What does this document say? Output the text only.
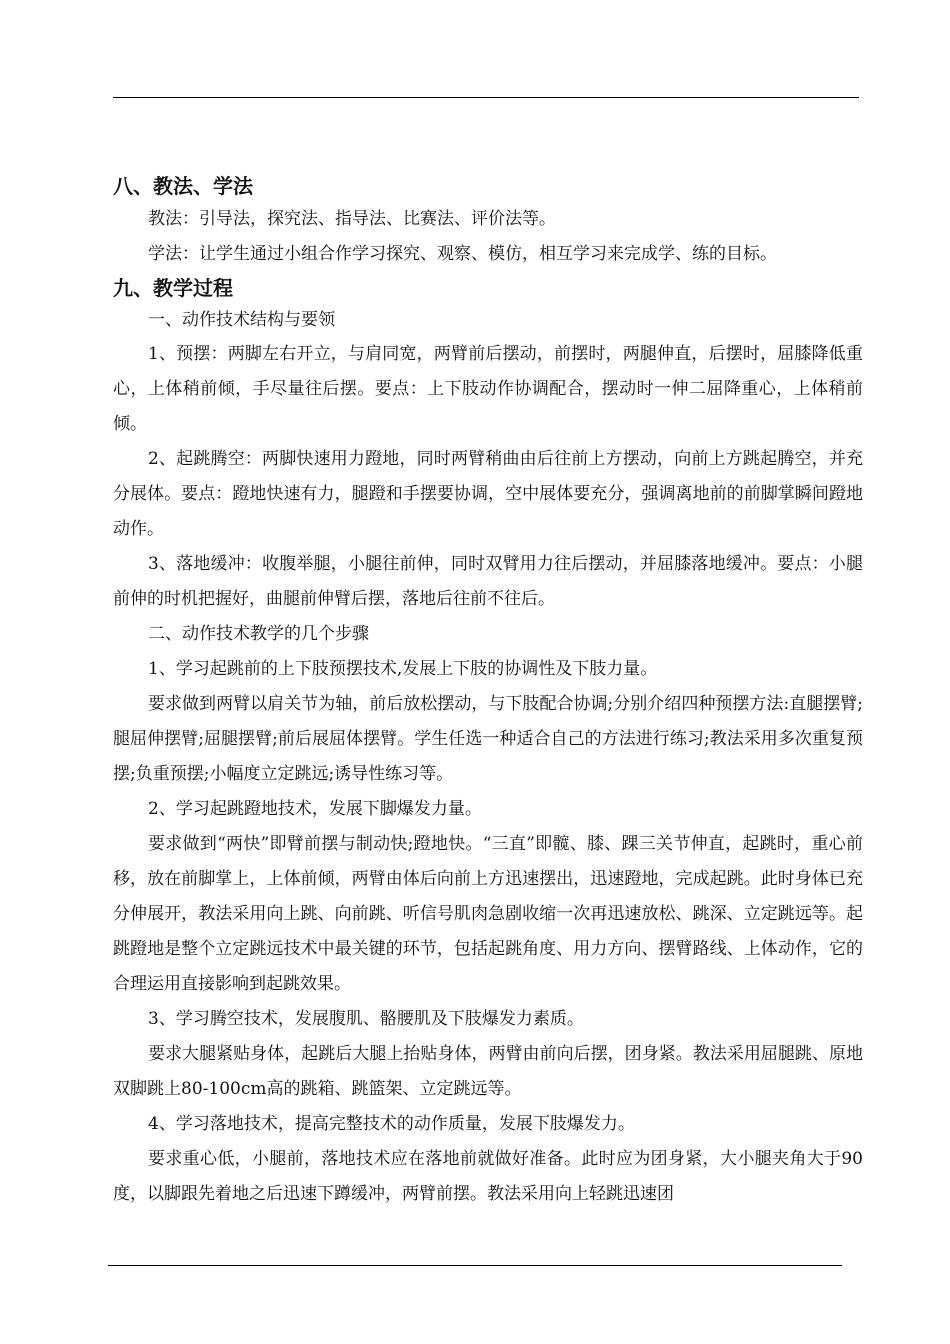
八、教法、学法

教法：引导法，探究法、指导法、比赛法、评价法等。

学法：让学生通过小组合作学习探究、观察、模仿，相互学习来完成学、练的目标。

九、教学过程

一、动作技术结构与要领

1、预摆：两脚左右开立，与肩同宽，两臂前后摆动，前摆时，两腿伸直，后摆时，屈膝降低重心，上体稍前倾，手尽量往后摆。要点：上下肢动作协调配合，摆动时一伸二屈降重心，上体稍前倾。

2、起跳腾空：两脚快速用力蹬地，同时两臂稍曲由后往前上方摆动，向前上方跳起腾空，并充分展体。要点：蹬地快速有力，腿蹬和手摆要协调，空中展体要充分，强调离地前的前脚掌瞬间蹬地动作。

3、落地缓冲：收腹举腿，小腿往前伸，同时双臂用力往后摆动，并屈膝落地缓冲。要点：小腿前伸的时机把握好，曲腿前伸臂后摆，落地后往前不往后。

二、动作技术教学的几个步骤

1、学习起跳前的上下肢预摆技术,发展上下肢的协调性及下肢力量。

要求做到两臂以肩关节为轴，前后放松摆动，与下肢配合协调;分别介绍四种预摆方法:直腿摆臂;腿屈伸摆臂;屈腿摆臂;前后展屈体摆臂。学生任选一种适合自己的方法进行练习;教法采用多次重复预摆;负重预摆;小幅度立定跳远;诱导性练习等。

2、学习起跳蹬地技术，发展下脚爆发力量。

要求做到“两快”即臂前摆与制动快;蹬地快。“三直”即髋、膝、踝三关节伸直，起跳时，重心前移，放在前脚掌上，上体前倾，两臂由体后向前上方迅速摆出，迅速蹬地，完成起跳。此时身体已充分伸展开，教法采用向上跳、向前跳、听信号肌肉急剧收缩一次再迅速放松、跳深、立定跳远等。起跳蹬地是整个立定跳远技术中最关键的环节，包括起跳角度、用力方向、摆臂路线、上体动作，它的合理运用直接影响到起跳效果。

3、学习腾空技术，发展腹肌、骼腰肌及下肢爆发力素质。

要求大腿紧贴身体，起跳后大腿上抬贴身体，两臂由前向后摆，团身紧。教法采用屈腿跳、原地双脚跳上80-100cm高的跳箱、跳篮架、立定跳远等。

4、学习落地技术，提高完整技术的动作质量，发展下肢爆发力。

要求重心低，小腿前，落地技术应在落地前就做好准备。此时应为团身紧，大小腿夹角大于90度，以脚跟先着地之后迅速下蹲缓冲，两臂前摆。教法采用向上轻跳迅速团
